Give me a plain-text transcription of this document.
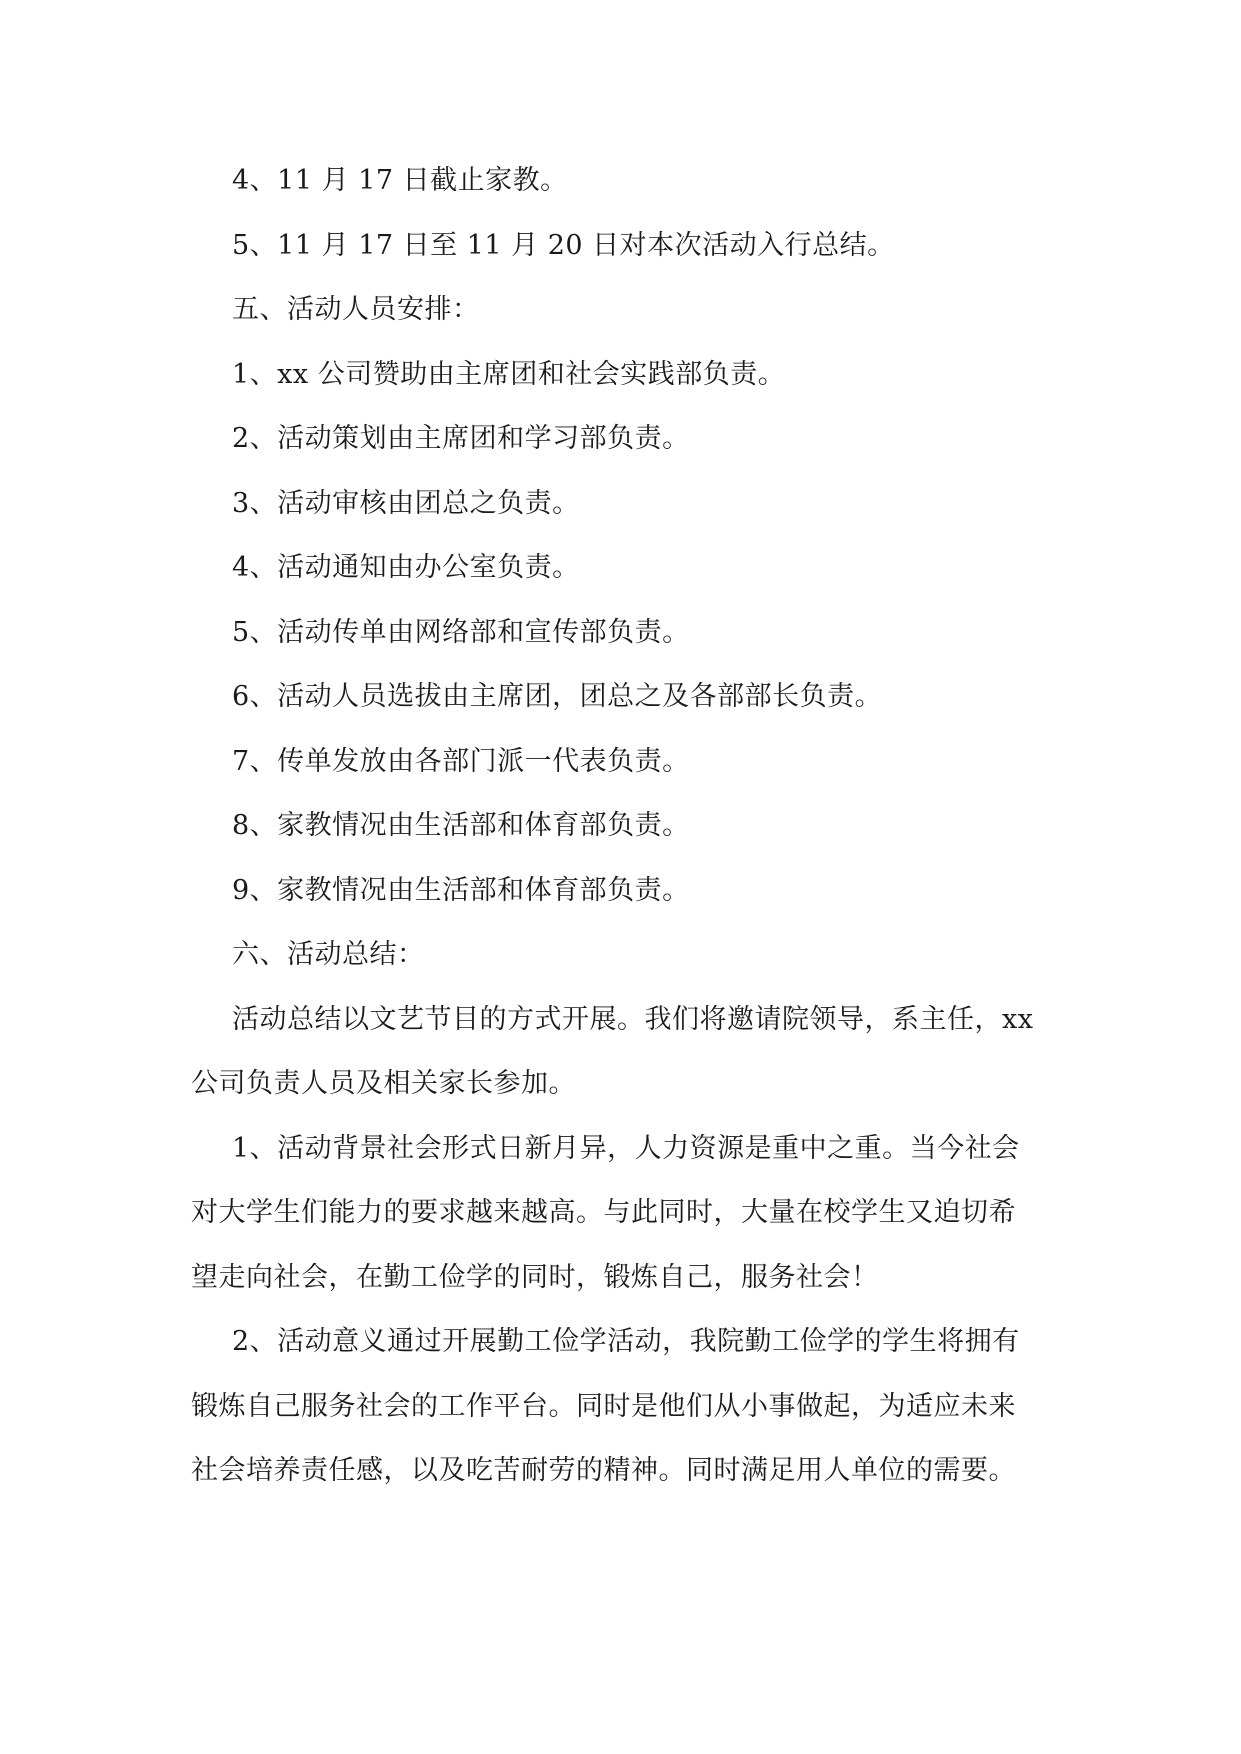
4、11 月 17 日截止家教。
5、11 月 17 日至 11 月 20 日对本次活动入行总结。
五、活动人员安排：
1、xx 公司赞助由主席团和社会实践部负责。
2、活动策划由主席团和学习部负责。
3、活动审核由团总之负责。
4、活动通知由办公室负责。
5、活动传单由网络部和宣传部负责。
6、活动人员选拔由主席团，团总之及各部部长负责。
7、传单发放由各部门派一代表负责。
8、家教情况由生活部和体育部负责。
9、家教情况由生活部和体育部负责。
六、活动总结：
活动总结以文艺节目的方式开展。我们将邀请院领导，系主任，xx
公司负责人员及相关家长参加。
1、活动背景社会形式日新月异，人力资源是重中之重。当今社会
对大学生们能力的要求越来越高。与此同时，大量在校学生又迫切希
望走向社会，在勤工俭学的同时，锻炼自己，服务社会！
2、活动意义通过开展勤工俭学活动，我院勤工俭学的学生将拥有
锻炼自己服务社会的工作平台。同时是他们从小事做起，为适应未来
社会培养责任感，以及吃苦耐劳的精神。同时满足用人单位的需要。
